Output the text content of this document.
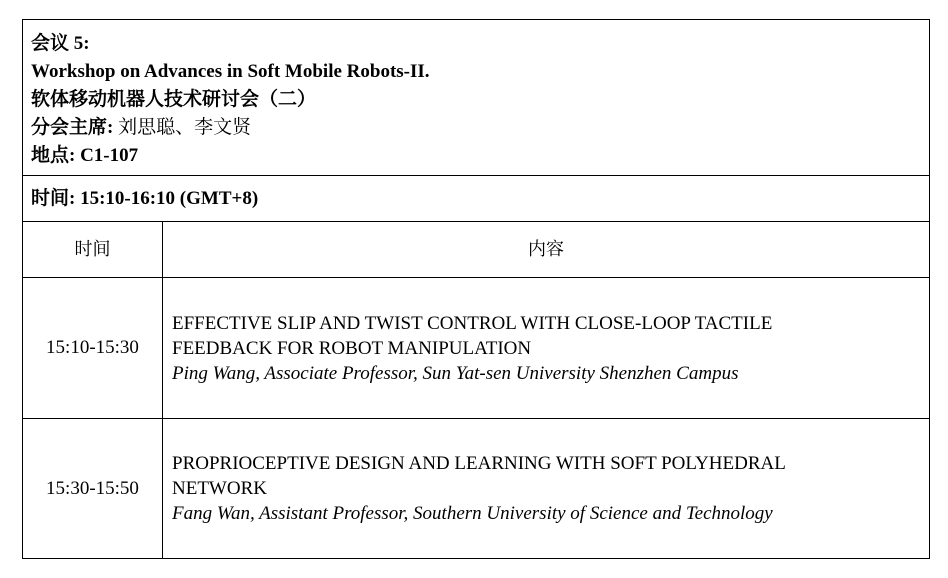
会议 5:
Workshop on Advances in Soft Mobile Robots-II.
软体移动机器人技术研讨会（二）
分会主席: 刘思聪、李文贤
地点: C1-107
时间: 15:10-16:10 (GMT+8)
时间	内容
15:10-15:30
EFFECTIVE SLIP AND TWIST CONTROL WITH CLOSE-LOOP TACTILE
FEEDBACK FOR ROBOT MANIPULATION
Ping Wang, Associate Professor, Sun Yat-sen University Shenzhen Campus
15:30-15:50
PROPRIOCEPTIVE DESIGN AND LEARNING WITH SOFT POLYHEDRAL
NETWORK
Fang Wan, Assistant Professor, Southern University of Science and Technology
